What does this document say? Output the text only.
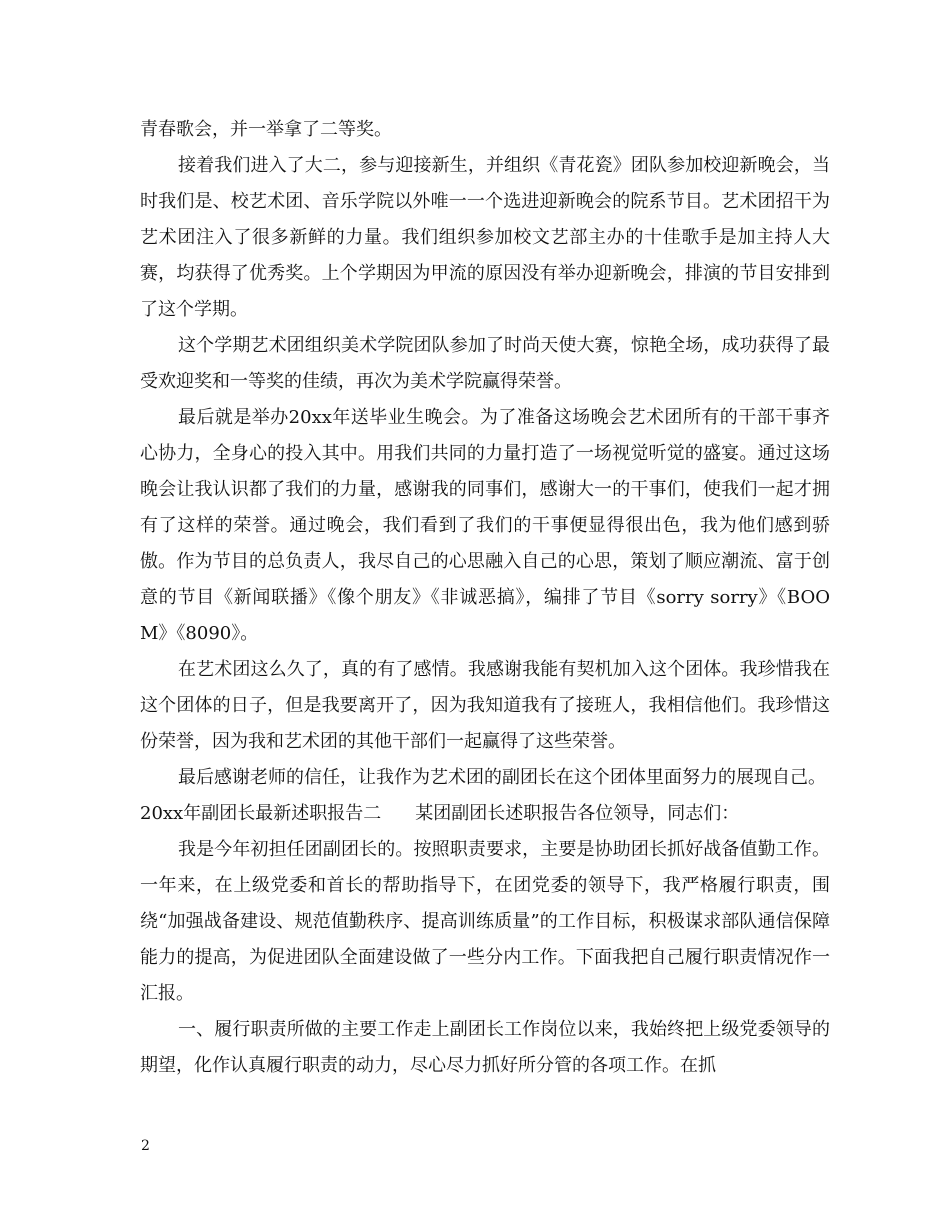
青春歌会，并一举拿了二等奖。

接着我们进入了大二，参与迎接新生，并组织《青花瓷》团队参加校迎新晚会，当时我们是、校艺术团、音乐学院以外唯一一个选进迎新晚会的院系节目。艺术团招干为艺术团注入了很多新鲜的力量。我们组织参加校文艺部主办的十佳歌手是加主持人大赛，均获得了优秀奖。上个学期因为甲流的原因没有举办迎新晚会，排演的节目安排到了这个学期。

这个学期艺术团组织美术学院团队参加了时尚天使大赛，惊艳全场，成功获得了最受欢迎奖和一等奖的佳绩，再次为美术学院赢得荣誉。

最后就是举办20xx年送毕业生晚会。为了准备这场晚会艺术团所有的干部干事齐心协力，全身心的投入其中。用我们共同的力量打造了一场视觉听觉的盛宴。通过这场晚会让我认识都了我们的力量，感谢我的同事们，感谢大一的干事们，使我们一起才拥有了这样的荣誉。通过晚会，我们看到了我们的干事便显得很出色，我为他们感到骄傲。作为节目的总负责人，我尽自己的心思融入自己的心思，策划了顺应潮流、富于创意的节目《新闻联播》《像个朋友》《非诚恶搞》，编排了节目《sorry sorry》《BOOM》《8090》。

在艺术团这么久了，真的有了感情。我感谢我能有契机加入这个团体。我珍惜我在这个团体的日子，但是我要离开了，因为我知道我有了接班人，我相信他们。我珍惜这份荣誉，因为我和艺术团的其他干部们一起赢得了这些荣誉。

最后感谢老师的信任，让我作为艺术团的副团长在这个团体里面努力的展现自己。

20xx年副团长最新述职报告二 某团副团长述职报告各位领导，同志们：

我是今年初担任团副团长的。按照职责要求，主要是协助团长抓好战备值勤工作。一年来，在上级党委和首长的帮助指导下，在团党委的领导下，我严格履行职责，围绕“加强战备建设、规范值勤秩序、提高训练质量”的工作目标，积极谋求部队通信保障能力的提高，为促进团队全面建设做了一些分内工作。下面我把自己履行职责情况作一汇报。

一、履行职责所做的主要工作走上副团长工作岗位以来，我始终把上级党委领导的期望，化作认真履行职责的动力，尽心尽力抓好所分管的各项工作。在抓

2
